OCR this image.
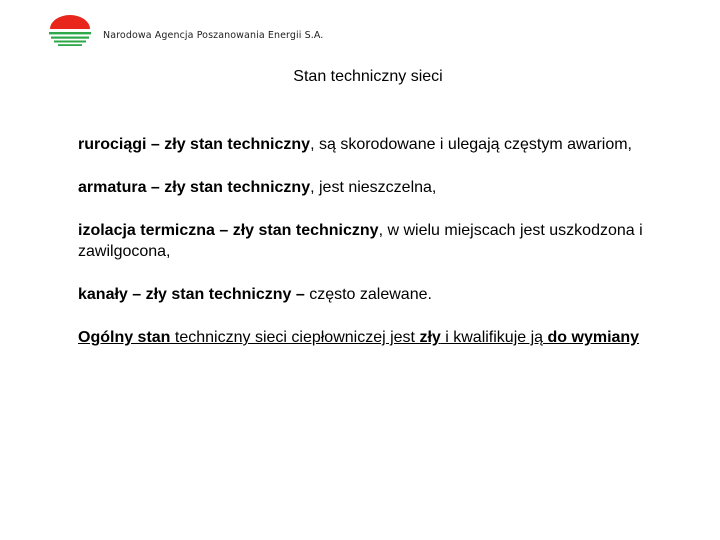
Narodowa Agencja Poszanowania Energii S.A.
Stan techniczny sieci

rurociągi – zły stan techniczny, są skorodowane i ulegają częstym awariom,

armatura – zły stan techniczny, jest nieszczelna,

izolacja termiczna – zły stan techniczny, w wielu miejscach jest uszkodzona i zawilgocona,

kanały – zły stan techniczny – często zalewane.

Ogólny stan techniczny sieci ciepłowniczej jest zły i kwalifikuje ją do wymiany
